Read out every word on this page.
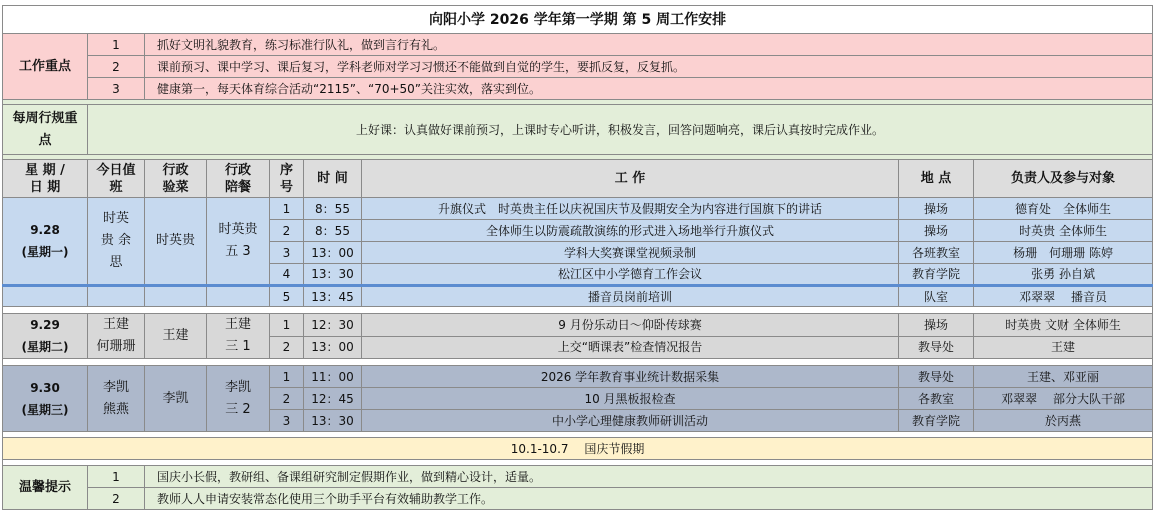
向阳小学 2026 学年第一学期 第 5 周工作安排								
工作重点	1	抓好文明礼貌教育，练习标准行队礼，做到言行有礼。						
	2	课前预习、课中学习、课后复习，学科老师对学习习惯还不能做到自觉的学生，要抓反复，反复抓。						
	3	健康第一，每天体育综合活动“2115”、“70+50”关注实效，落实到位。						

每周行规重点	上好课：认真做好课前预习，上课时专心听讲，积极发言，回答问题响亮，课后认真按时完成作业。							

星 期 / 日 期	今日值班	行政验菜	行政陪餐	序号	时 间	工 作	地 点	负责人及参与对象

9.28
(星期一)	时英贵 余思	时英贵	时英贵 五 3	1	8：55	升旗仪式　时英贵主任以庆祝国庆节及假期安全为内容进行国旗下的讲话	操场	德育处　全体师生
				2	8：55	全体师生以防震疏散演练的形式进入场地举行升旗仪式	操场	时英贵 全体师生
				3	13：00	学科大奖赛课堂视频录制	各班教室	杨珊　何珊珊 陈婷
				4	13：30	松江区中小学德育工作会议	教育学院	张勇 孙自斌
				5	13：45	播音员岗前培训	队室	邓翠翠　 播音员

9.29
(星期二)	王建 何珊珊	王建	王建 三 1	1	12：30	9 月份乐动日～仰卧传球赛	操场	时英贵 文财 全体师生
				2	13：00	上交“晒课表”检查情况报告	教导处	王建

9.30
(星期三)	李凯 熊燕	李凯	李凯 三 2	1	11：00	2026 学年教育事业统计数据采集	教导处	王建、邓亚丽
				2	12：45	10 月黑板报检查	各教室	邓翠翠　 部分大队干部
				3	13：30	中小学心理健康教师研训活动	教育学院	於丙燕

10.1-10.7　 国庆节假期								

温馨提示	1	国庆小长假，教研组、备课组研究制定假期作业，做到精心设计，适量。						
	2	教师人人申请安装常态化使用三个助手平台有效辅助教学工作。						
